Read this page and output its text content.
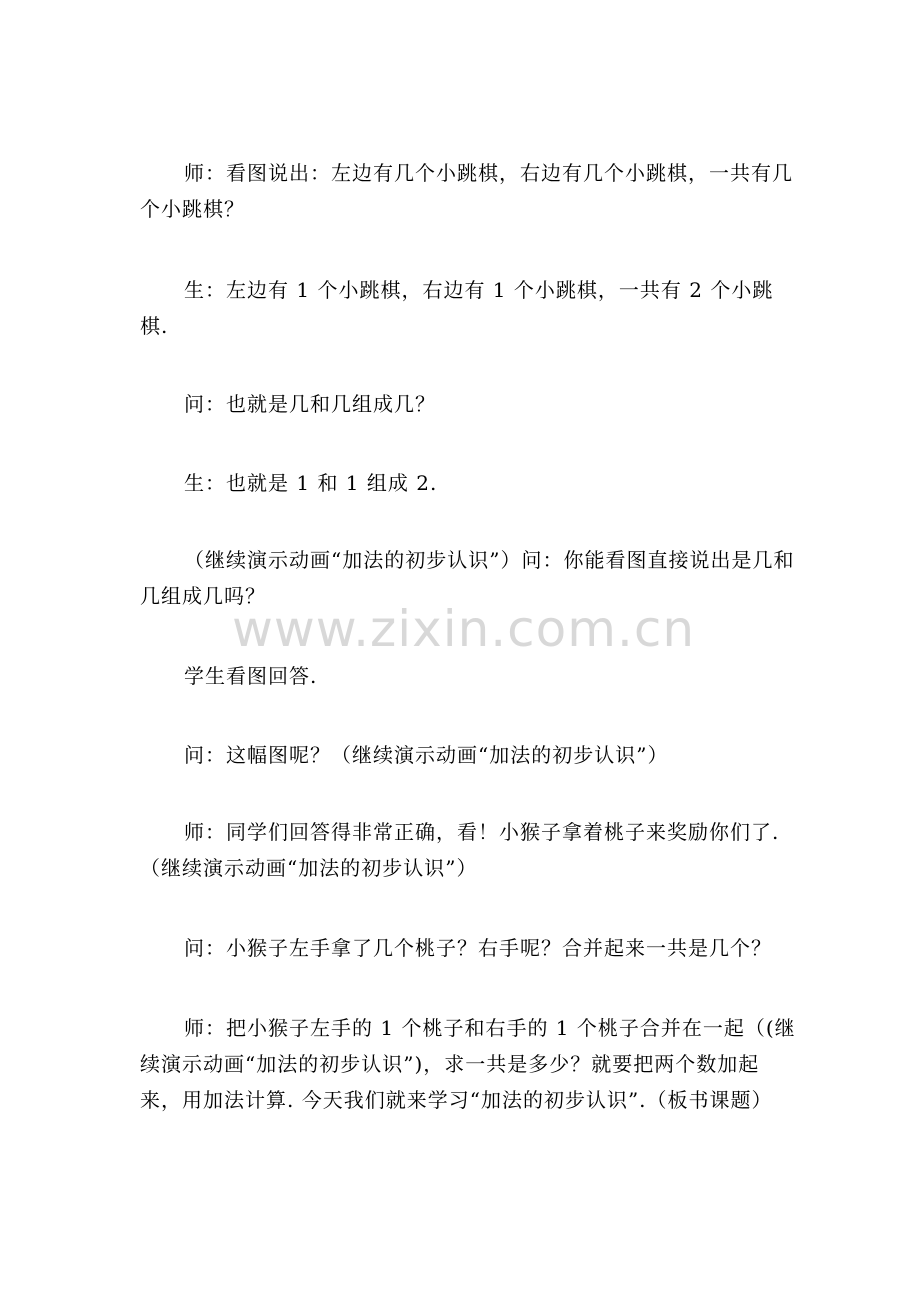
师：看图说出：左边有几个小跳棋，右边有几个小跳棋，一共有几个小跳棋？

生：左边有 1 个小跳棋，右边有 1 个小跳棋，一共有 2 个小跳棋.

问：也就是几和几组成几？

生：也就是 1 和 1 组成 2.

（继续演示动画“加法的初步认识”）问：你能看图直接说出是几和几组成几吗？

学生看图回答.

问：这幅图呢？（继续演示动画“加法的初步认识”）

师：同学们回答得非常正确，看！小猴子拿着桃子来奖励你们了.（继续演示动画“加法的初步认识”）

问：小猴子左手拿了几个桃子？右手呢？合并起来一共是几个？

师：把小猴子左手的 1 个桃子和右手的 1 个桃子合并在一起（(继续演示动画“加法的初步认识”)，求一共是多少？就要把两个数加起来，用加法计算. 今天我们就来学习“加法的初步认识”.（板书课题）

www.zixin.com.cn
